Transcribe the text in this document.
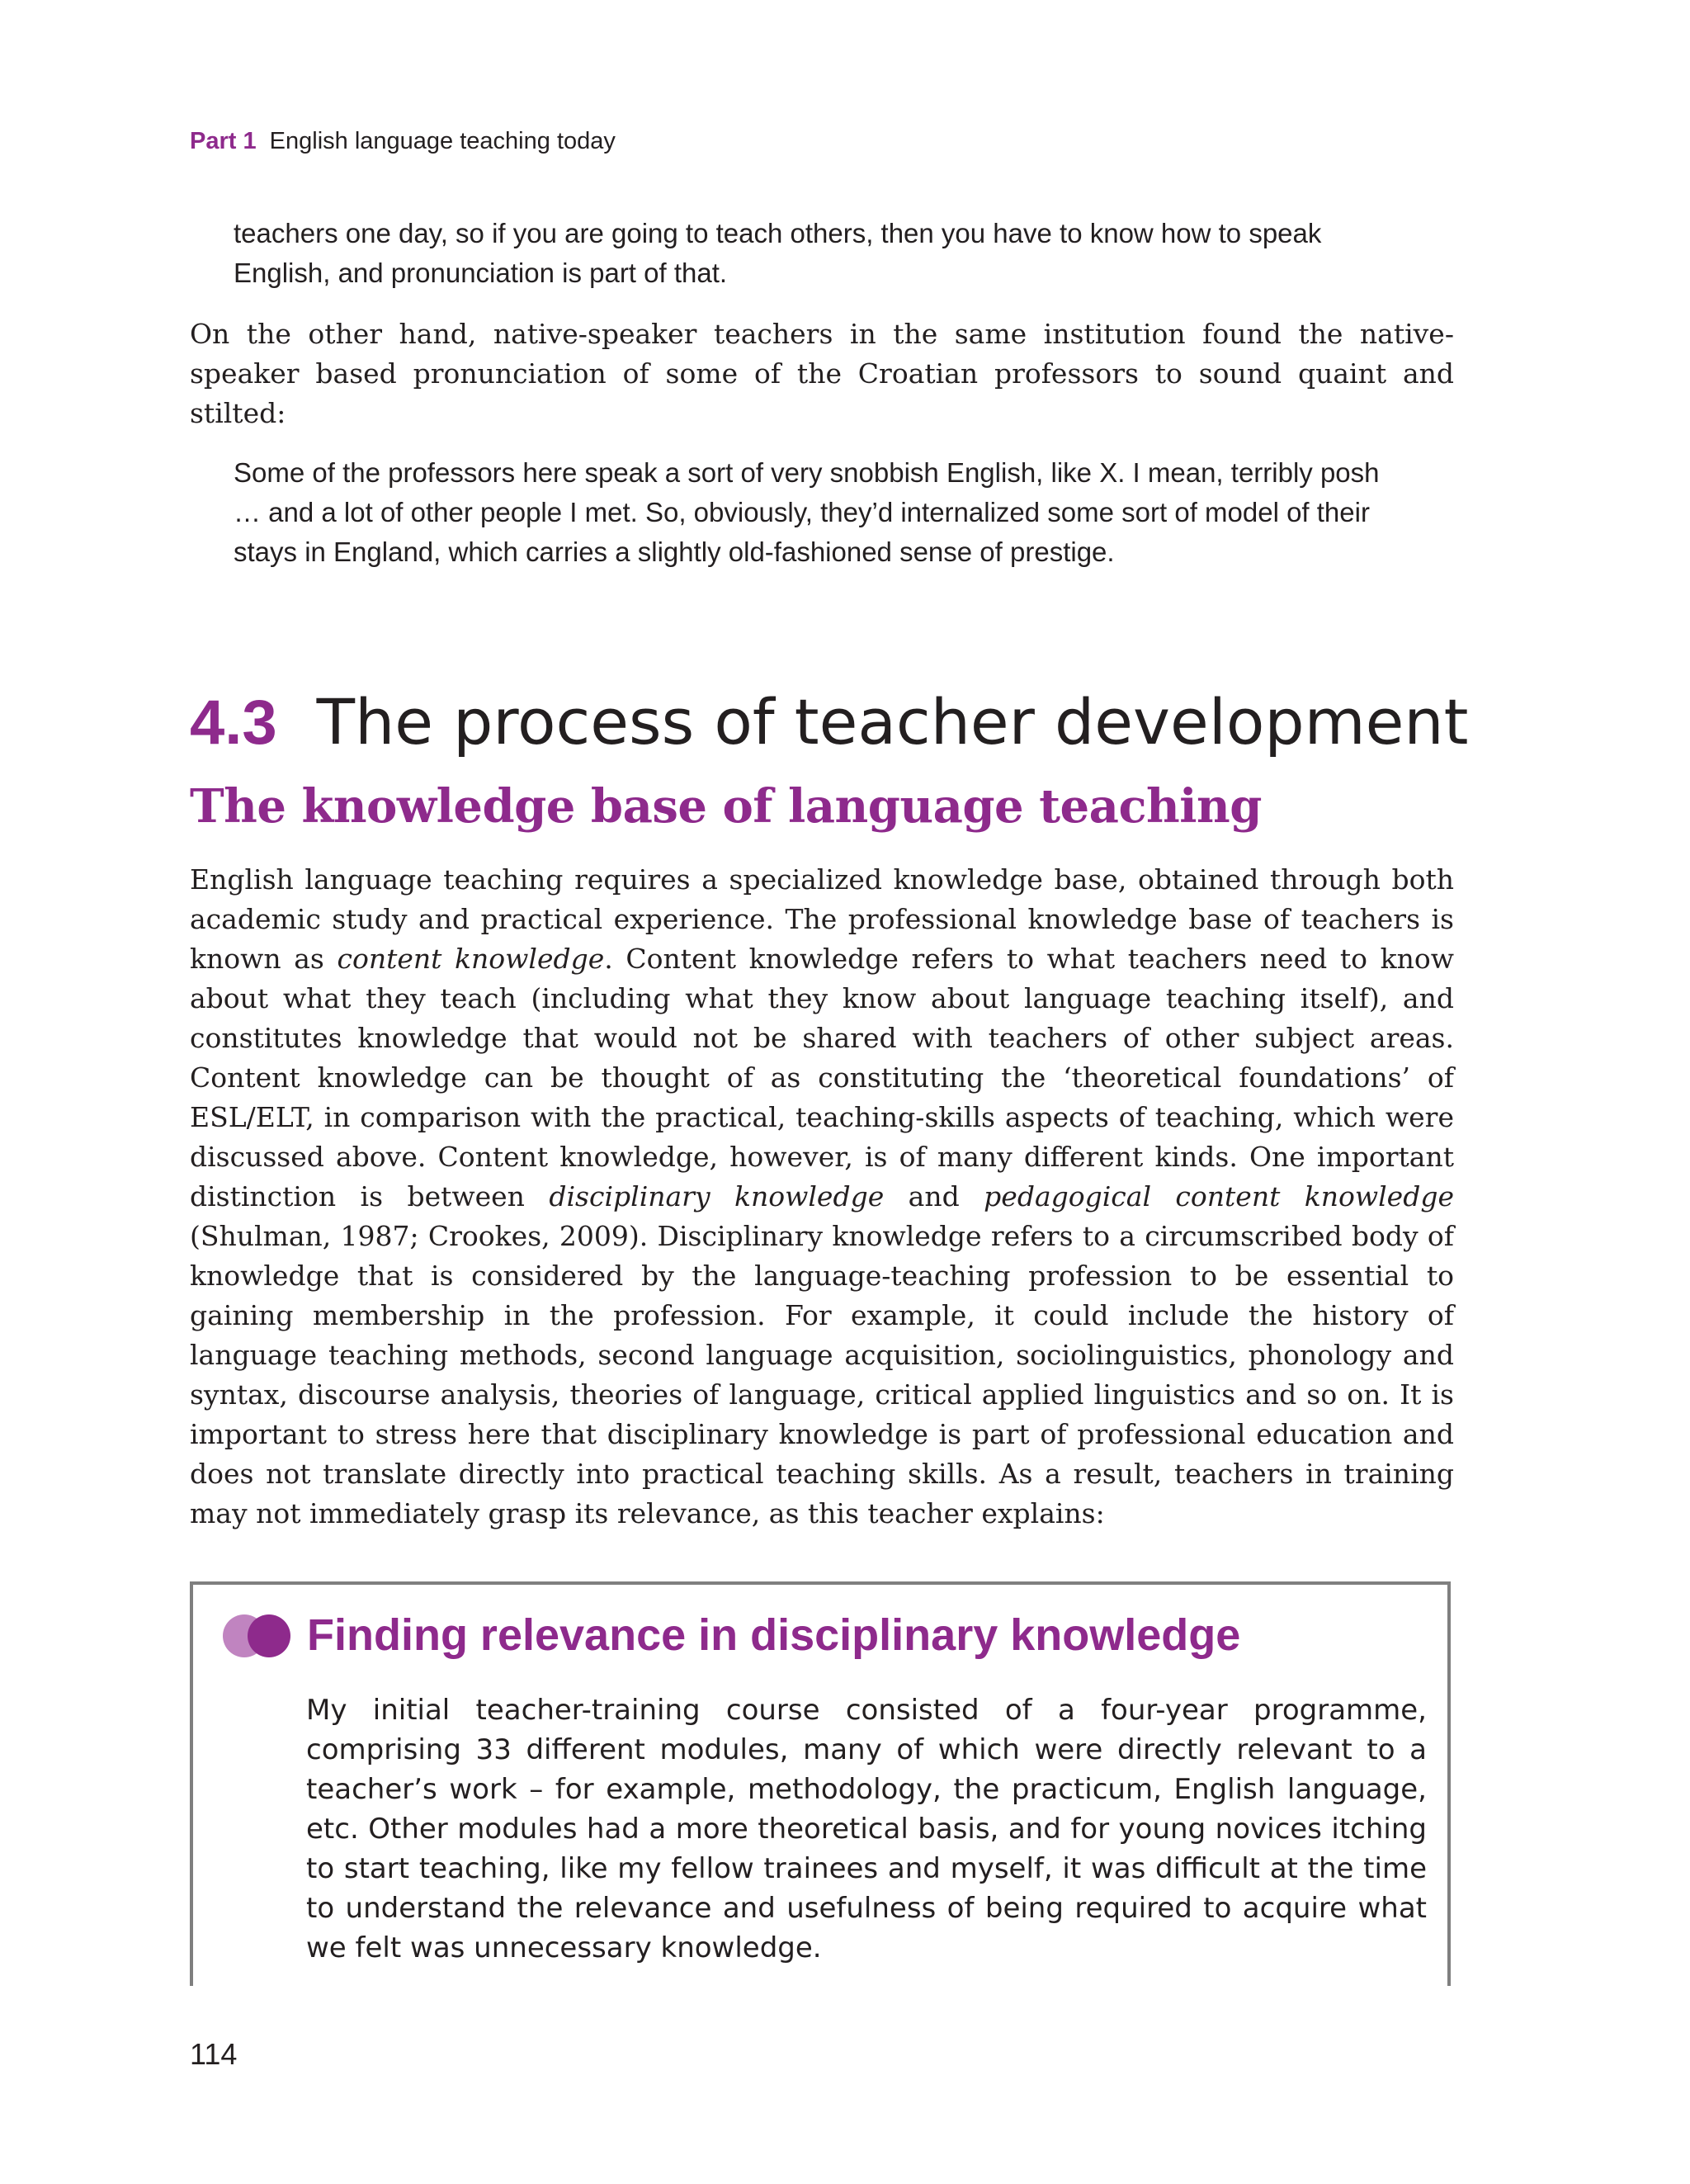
Part 1 English language teaching today

teachers one day, so if you are going to teach others, then you have to know how to speak English, and pronunciation is part of that.

On the other hand, native-speaker teachers in the same institution found the native-speaker based pronunciation of some of the Croatian professors to sound quaint and stilted:

Some of the professors here speak a sort of very snobbish English, like X. I mean, terribly posh … and a lot of other people I met. So, obviously, they’d internalized some sort of model of their stays in England, which carries a slightly old-fashioned sense of prestige.

4.3 The process of teacher development
The knowledge base of language teaching

English language teaching requires a specialized knowledge base, obtained through both academic study and practical experience. The professional knowledge base of teachers is known as content knowledge. Content knowledge refers to what teachers need to know about what they teach (including what they know about language teaching itself), and constitutes knowledge that would not be shared with teachers of other subject areas. Content knowledge can be thought of as constituting the ‘theoretical foundations’ of ESL/ELT, in comparison with the practical, teaching-skills aspects of teaching, which were discussed above. Content knowledge, however, is of many different kinds. One important distinction is between disciplinary knowledge and pedagogical content knowledge (Shulman, 1987; Crookes, 2009). Disciplinary knowledge refers to a circumscribed body of knowledge that is considered by the language-teaching profession to be essential to gaining membership in the profession. For example, it could include the history of language teaching methods, second language acquisition, sociolinguistics, phonology and syntax, discourse analysis, theories of language, critical applied linguistics and so on. It is important to stress here that disciplinary knowledge is part of professional education and does not translate directly into practical teaching skills. As a result, teachers in training may not immediately grasp its relevance, as this teacher explains:

Finding relevance in disciplinary knowledge

My initial teacher-training course consisted of a four-year programme, comprising 33 different modules, many of which were directly relevant to a teacher’s work – for example, methodology, the practicum, English language, etc. Other modules had a more theoretical basis, and for young novices itching to start teaching, like my fellow trainees and myself, it was difficult at the time to understand the relevance and usefulness of being required to acquire what we felt was unnecessary knowledge.

114
